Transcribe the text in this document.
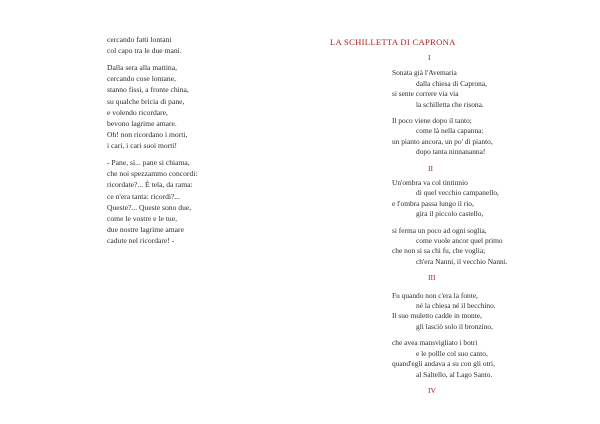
cercando fatti lontani
col capo tra le due mani.
Dalla sera alla mattina,
cercando cose lontane,
stanno fissi, a fronte china,
su qualche bricia di pane,
e volendo ricordare,
bevono lagrime amare.
Oh! non ricordano i morti,
i cari, i cari suoi morti!
- Pane, sì... pane si chiama,
che noi spezzammo concordi:
ricordate?... È tela, da rama:
ce n'era tanta: ricordi?...
Queste?... Queste sono due,
come le vostre e le tue,
due nostre lagrime amare
cadute nel ricordare! -
LA SCHILLETTA DI CAPRONA
I
Sonata già l'Avemaria
dalla chiesa di Caprona,
si sente correre via via
la schilletta che risona.
Il poco viene dopo il tanto;
come là nella capanna:
un pianto ancora, un po' di pianto,
dopo tanta ninnananna!
II
Un'ombra va col tintinnio
di quel vecchio campanello,
e l'ombra passa lungo il rio,
gira il piccolo castello,
si ferma un poco ad ogni soglia,
come vuole ancor quel primo
che non si sa chi fu, che voglia;
ch'era Nanni, il vecchio Nanni.
III
Fu quando non c'era la fonte,
né la chiesa né il becchino.
Il suo muletto cadde in monte,
gli lasciò solo il bronzino,
che avea mansvigliato i botri
e le pollle col suo canto,
quand'egli andava a su con gli otri,
al Saltello, al Lago Santo.
IV
